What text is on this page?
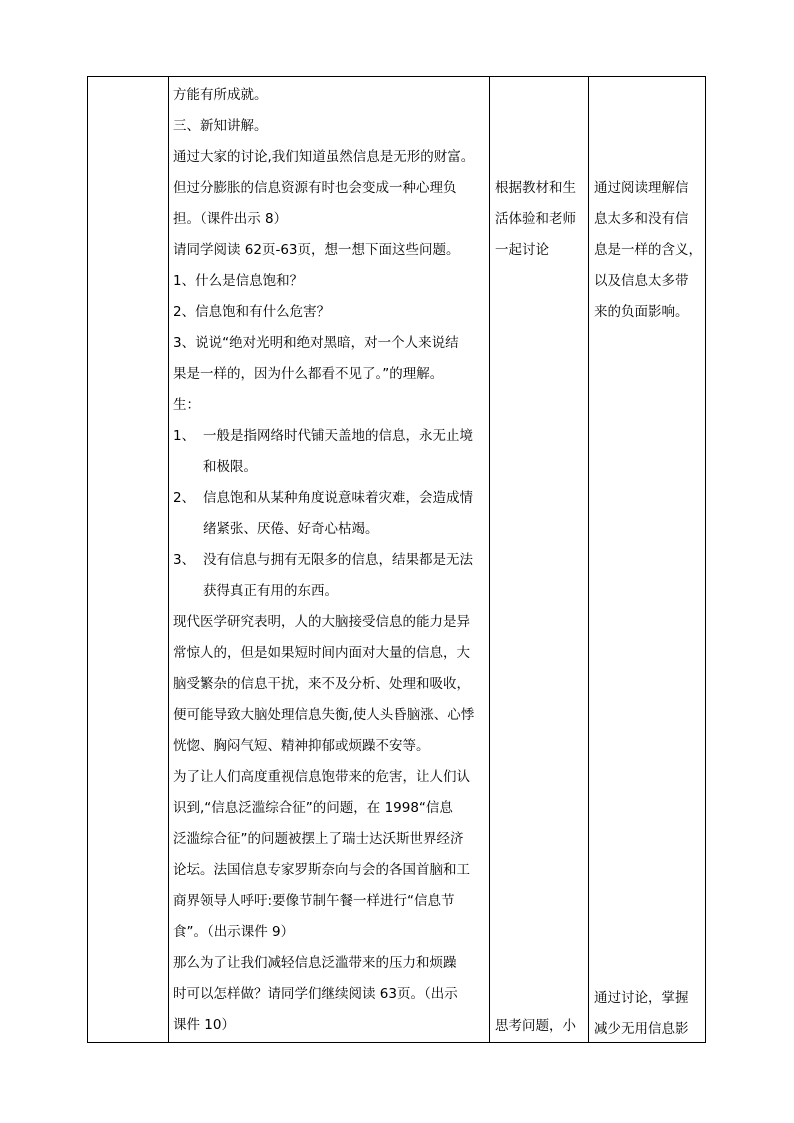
方能有所成就。
三、新知讲解。
通过大家的讨论,我们知道虽然信息是无形的财富。
但过分膨胀的信息资源有时也会变成一种心理负
担。（课件出示 8）
请同学阅读 62页-63页，想一想下面这些问题。
1、什么是信息饱和？
2、信息饱和有什么危害？
3、说说“绝对光明和绝对黑暗，对一个人来说结
果是一样的，因为什么都看不见了。”的理解。
生：
1、 一般是指网络时代铺天盖地的信息，永无止境
和极限。
2、 信息饱和从某种角度说意味着灾难，会造成情
绪紧张、厌倦、好奇心枯竭。
3、 没有信息与拥有无限多的信息，结果都是无法
获得真正有用的东西。
现代医学研究表明，人的大脑接受信息的能力是异
常惊人的，但是如果短时间内面对大量的信息，大
脑受繁杂的信息干扰，来不及分析、处理和吸收，
便可能导致大脑处理信息失衡,使人头昏脑涨、心悸
恍惚、胸闷气短、精神抑郁或烦躁不安等。
为了让人们高度重视信息饱带来的危害，让人们认
识到,“信息泛滥综合征”的问题，在 1998“信息
泛滥综合征”的问题被摆上了瑞士达沃斯世界经济
论坛。法国信息专家罗斯奈向与会的各国首脑和工
商界领导人呼吁:要像节制午餐一样进行“信息节
食”。（出示课件 9）
那么为了让我们减轻信息泛滥带来的压力和烦躁
时可以怎样做？请同学们继续阅读 63页。（出示
课件 10）
根据教材和生
活体验和老师
一起讨论
思考问题，小
通过阅读理解信
息太多和没有信
息是一样的含义，
以及信息太多带
来的负面影响。
通过讨论，掌握
减少无用信息影
